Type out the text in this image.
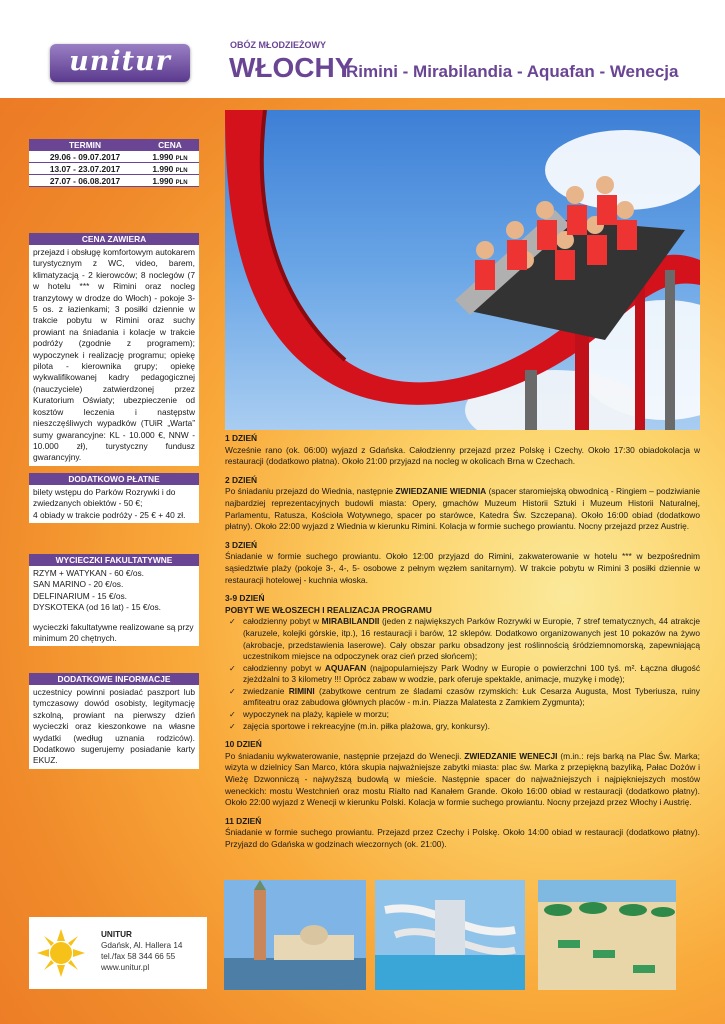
unitur
OBÓZ MŁODZIEŻOWY
WŁOCHY
Rimini - Mirabilandia - Aquafan - Wenecja
TERMIN	CENA
29.06 - 09.07.2017	1.990 PLN
13.07 - 23.07.2017	1.990 PLN
27.07 - 06.08.2017	1.990 PLN
CENA ZAWIERA

przejazd i obsługę komfortowym autokarem turystycznym z WC, video, barem, klimatyzacją - 2 kierowców; 8 noclegów (7 w hotelu *** w Rimini oraz nocleg tranzytowy w drodze do Włoch) - pokoje 3-5 os. z łazienkami; 3 posiłki dziennie w trakcie pobytu w Rimini oraz suchy prowiant na śniadania i kolacje w trakcie podróży (zgodnie z programem); wypoczynek i realizację programu; opiekę pilota - kierownika grupy; opiekę wykwalifikowanej kadry pedagogicznej (nauczyciele) zatwierdzonej przez Kuratorium Oświaty; ubezpieczenie od kosztów leczenia i następstw nieszczęśliwych wypadków (TUiR „Warta” sumy gwarancyjne: KL - 10.000 €, NNW - 10.000 zł), turystyczny fundusz gwarancyjny.

DODATKOWO PŁATNE

bilety wstępu do Parków Rozrywki i do zwiedzanych obiektów - 50 €;

4 obiady w trakcie podróży - 25 € + 40 zł.

WYCIECZKI FAKULTATYWNE

RZYM + WATYKAN - 60 €/os.

SAN MARINO - 20 €/os.

DELFINARIUM - 15 €/os.

DYSKOTEKA (od 16 lat) - 15 €/os.

wycieczki fakultatywne realizowane są przy minimum 20 chętnych.

DODATKOWE INFORMACJE

uczestnicy powinni posiadać paszport lub tymczasowy dowód osobisty, legitymację szkolną, prowiant na pierwszy dzień wycieczki oraz kieszonkowe na własne wydatki (według uznania rodziców). Dodatkowo sugerujemy posiadanie karty EKUZ.

1 DZIEŃ

Wcześnie rano (ok. 06:00) wyjazd z Gdańska. Całodzienny przejazd przez Polskę i Czechy. Około 17:30 obiadokolacja w restauracji (dodatkowo płatna). Około 21:00 przyjazd na nocleg w okolicach Brna w Czechach.

2 DZIEŃ

Po śniadaniu przejazd do Wiednia, następnie ZWIEDZANIE WIEDNIA (spacer staromiejską obwodnicą - Ringiem – podziwianie najbardziej reprezentacyjnych budowli miasta: Opery, gmachów Muzeum Historii Sztuki i Muzeum Historii Naturalnej, Parlamentu, Ratusza, Kościoła Wotywnego, spacer po starówce, Katedra Św. Szczepana). Około 16:00 obiad (dodatkowo płatny). Około 22:00 wyjazd z Wiednia w kierunku Rimini. Kolacja w formie suchego prowiantu. Nocny przejazd przez Austrię.

3 DZIEŃ

Śniadanie w formie suchego prowiantu. Około 12:00 przyjazd do Rimini, zakwaterowanie w hotelu *** w bezpośrednim sąsiedztwie plaży (pokoje 3-, 4-, 5- osobowe z pełnym węzłem sanitarnym). W trakcie pobytu w Rimini 3 posiłki dziennie w restauracji hotelowej - kuchnia włoska.

3-9 DZIEŃ

POBYT WE WŁOSZECH I REALIZACJA PROGRAMU

✓ całodzienny pobyt w MIRABILANDII (jeden z największych Parków Rozrywki w Europie, 7 stref tematycznych, 44 atrakcje (karuzele, kolejki górskie, itp.), 16 restauracji i barów, 12 sklepów. Dodatkowo organizowanych jest 10 pokazów na żywo (akrobacje, przedstawienia laserowe). Cały obszar parku obsadzony jest roślinnością śródziemnomorską, zapewniającą uczestnikom miejsce na odpoczynek oraz cień przed słońcem);
✓ całodzienny pobyt w AQUAFAN (najpopularniejszy Park Wodny w Europie o powierzchni 100 tyś. m². Łączna długość zjeżdżalni to 3 kilometry !!! Oprócz zabaw w wodzie, park oferuje spektakle, animacje, muzykę i modę);
✓ zwiedzanie RIMINI (zabytkowe centrum ze śladami czasów rzymskich: Łuk Cesarza Augusta, Most Tyberiusza, ruiny amfiteatru oraz zabudowa głównych placów - m.in. Piazza Malatesta z Zamkiem Zygmunta);
✓ wypoczynek na plaży, kąpiele w morzu;
✓ zajęcia sportowe i rekreacyjne (m.in. piłka plażowa, gry, konkursy).
10 DZIEŃ

Po śniadaniu wykwaterowanie, następnie przejazd do Wenecji. ZWIEDZANIE WENECJI (m.in.: rejs barką na Plac Św. Marka; wizyta w dzielnicy San Marco, która skupia najważniejsze zabytki miasta: plac św. Marka z przepiękną bazyliką, Pałac Dożów i Wieżę Dzwonniczą - najwyższą budowlą w mieście. Następnie spacer do najważniejszych i najpiękniejszych mostów weneckich: mostu Westchnień oraz mostu Rialto nad Kanałem Grande. Około 16:00 obiad w restauracji (dodatkowo płatny). Około 22:00 wyjazd z Wenecji w kierunku Polski. Kolacja w formie suchego prowiantu. Nocny przejazd przez Włochy i Austrię.

11 DZIEŃ

Śniadanie w formie suchego prowiantu. Przejazd przez Czechy i Polskę. Około 14:00 obiad w restauracji (dodatkowo płatny). Przyjazd do Gdańska w godzinach wieczornych (ok. 21:00).

UNITUR
Gdańsk, Al. Hallera 14
tel./fax 58 344 66 55
www.unitur.pl
